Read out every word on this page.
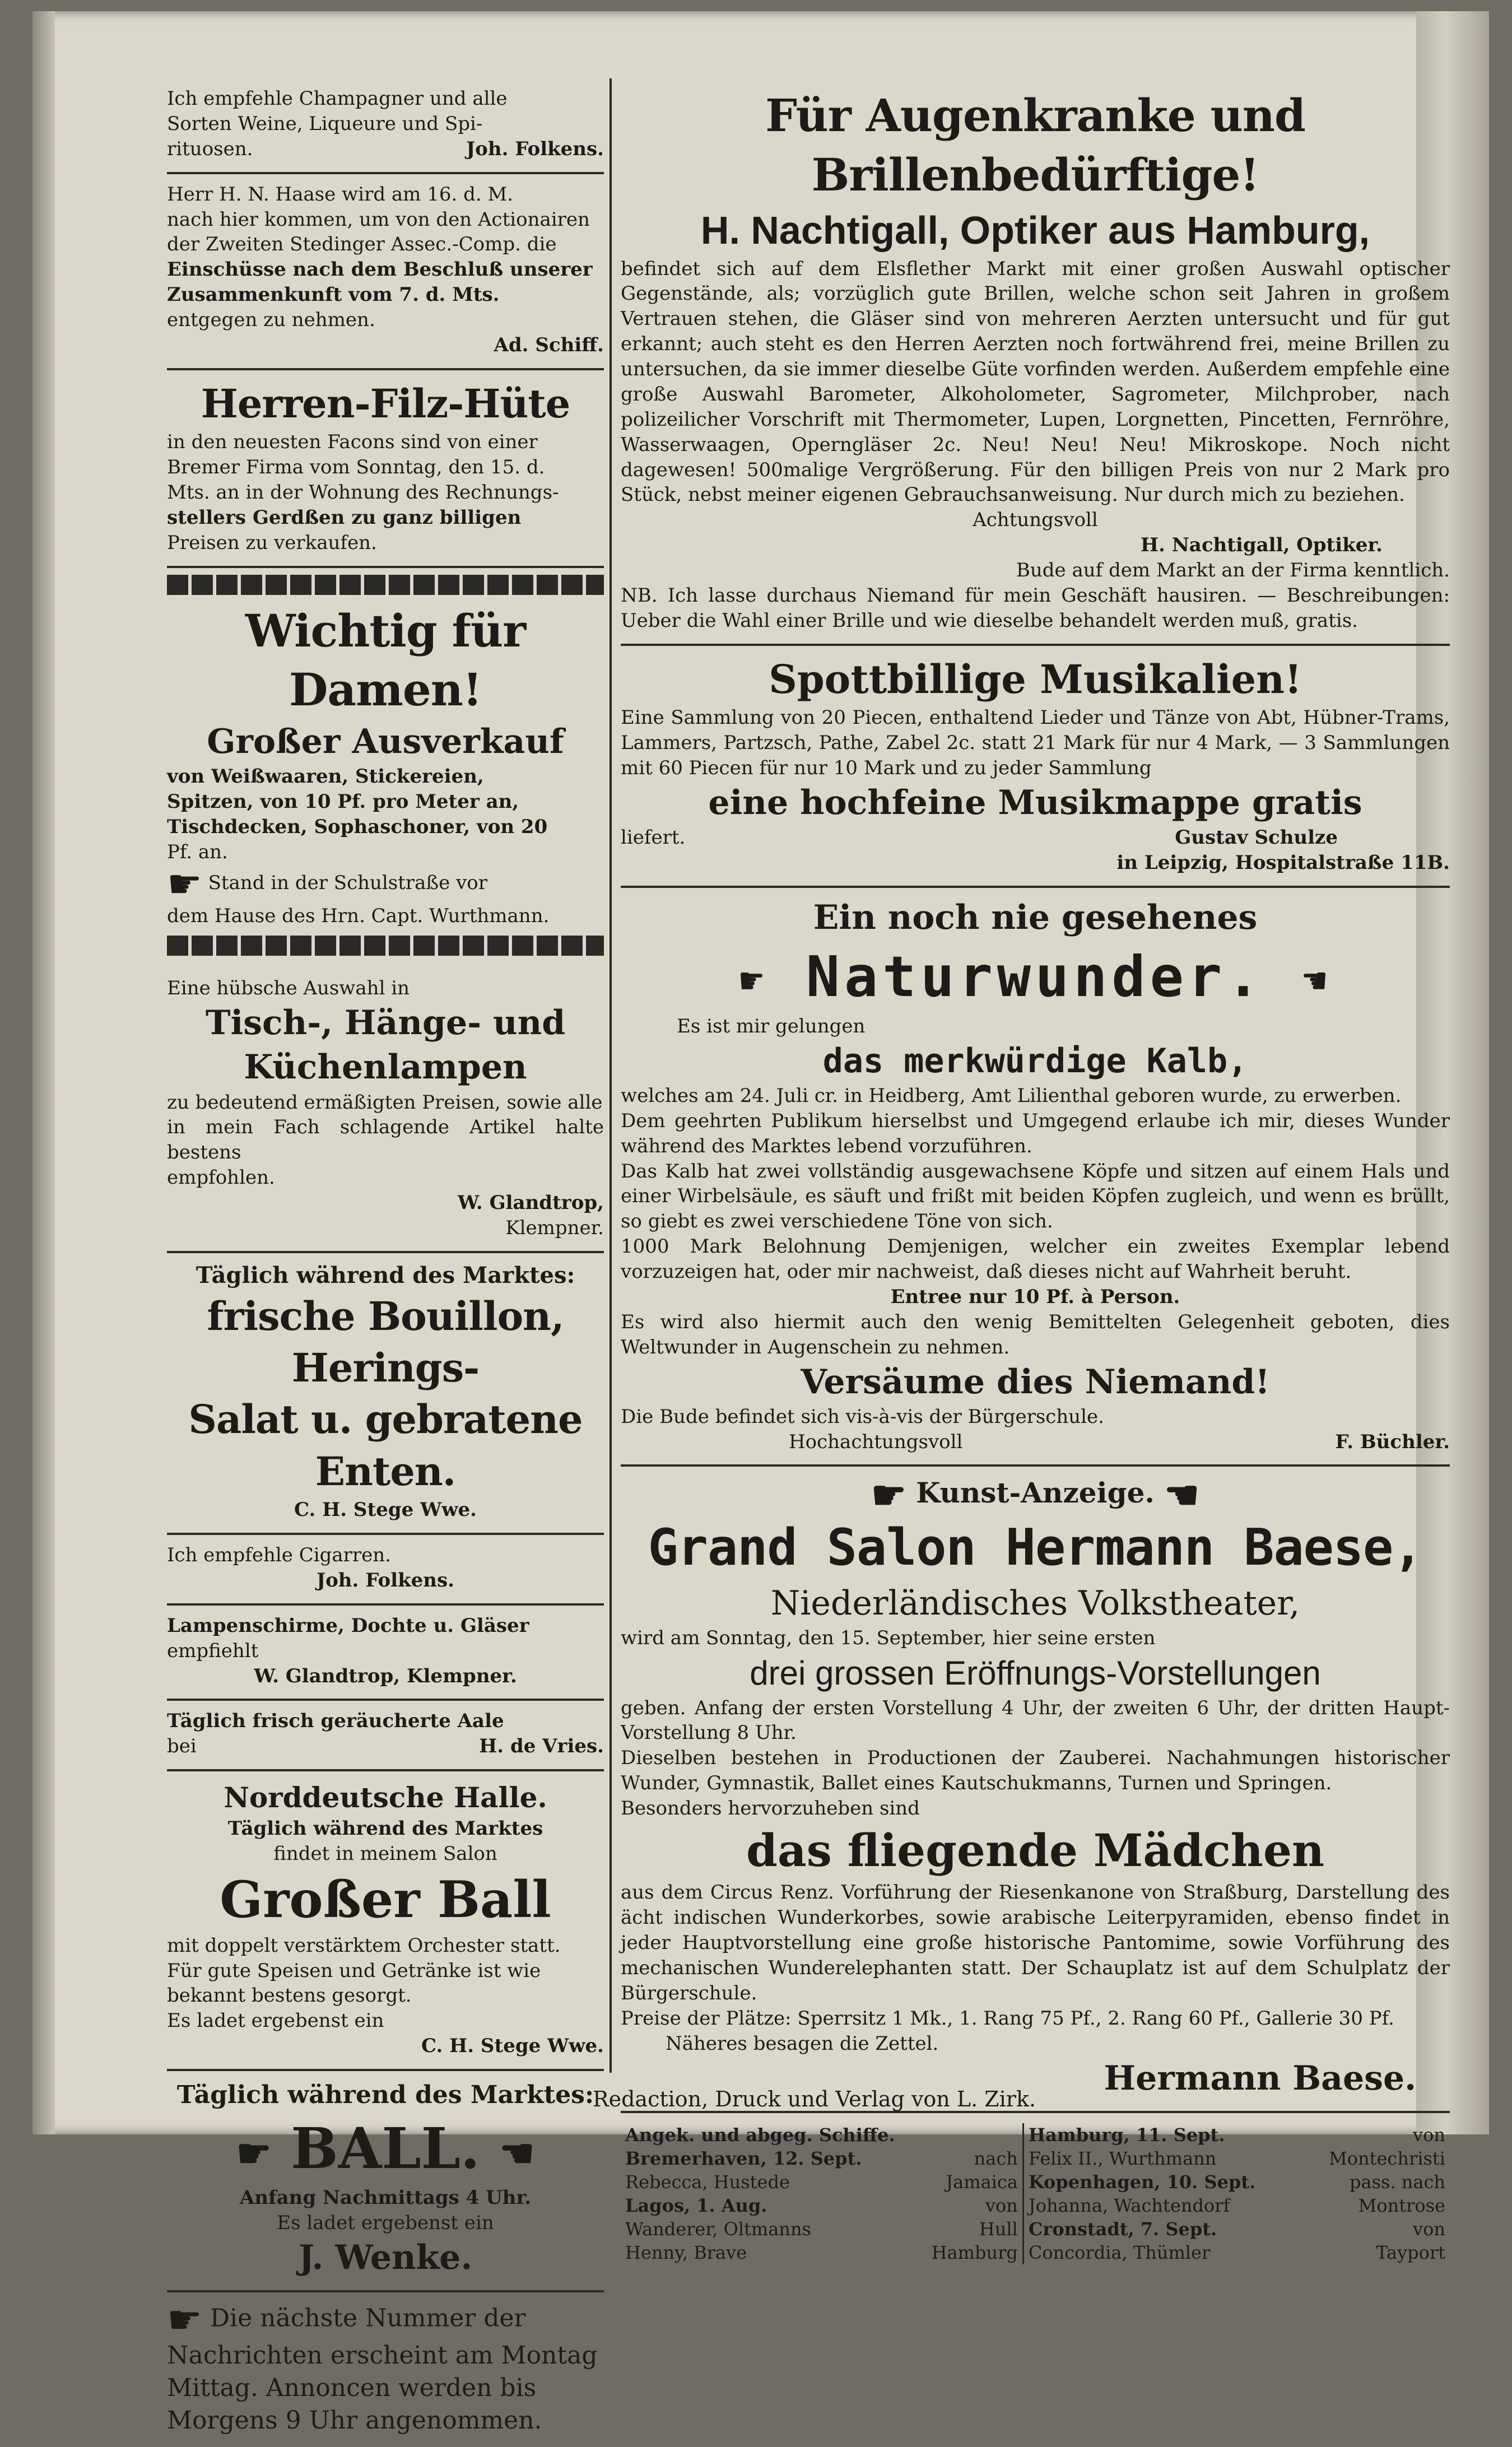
Ich empfehle Champagner und alle
Sorten Weine, Liqueure und Spi-
rituosen.	Joh. Folkens.
Herr H. N. Haase wird am 16. d. M.
nach hier kommen, um von den Actionairen
der Zweiten Stedinger Assec.-Comp. die
Einschüsse nach dem Beschluß unserer
Zusammenkunft vom 7. d. Mts.
entgegen zu nehmen.
Ad. Schiff.
Herren-Filz-Hüte
in den neuesten Facons sind von einer
Bremer Firma vom Sonntag, den 15. d.
Mts. an in der Wohnung des Rechnungs-
stellers Gerdßen zu ganz billigen
Preisen zu verkaufen.
Wichtig für Damen!
Großer Ausverkauf
von Weißwaaren, Stickereien,
Spitzen, von 10 Pf. pro Meter an,
Tischdecken, Sophaschoner, von 20
Pf. an.
☛ Stand in der Schulstraße vor
dem Hause des Hrn. Capt. Wurthmann.
Eine hübsche Auswahl in
Tisch-, Hänge- und
Küchenlampen
zu bedeutend ermäßigten Preisen, sowie alle
in mein Fach schlagende Artikel halte bestens
empfohlen.
W. Glandtrop,
Klempner.
Täglich während des Marktes:
frische Bouillon, Herings-
Salat u. gebratene Enten.
C. H. Stege Wwe.
Ich empfehle Cigarren.
Joh. Folkens.
Lampenschirme, Dochte u. Gläser
empfiehlt
W. Glandtrop, Klempner.
Täglich frisch geräucherte Aale
bei	H. de Vries.
Norddeutsche Halle.
Täglich während des Marktes
findet in meinem Salon
Großer Ball
mit doppelt verstärktem Orchester statt.
Für gute Speisen und Getränke ist wie
bekannt bestens gesorgt.
Es ladet ergebenst ein
C. H. Stege Wwe.
Täglich während des Marktes:
☛ BALL. ☚
Anfang Nachmittags 4 Uhr.
Es ladet ergebenst ein
J. Wenke.
☛ Die nächste Nummer der
Nachrichten erscheint am Montag
Mittag. Annoncen werden bis
Morgens 9 Uhr angenommen.
Für Augenkranke und Brillenbedürftige!
H. Nachtigall, Optiker aus Hamburg,
befindet sich auf dem Elsflether Markt mit einer großen Auswahl optischer Gegenstände, als; vorzüglich gute Brillen, welche schon seit Jahren in großem Vertrauen stehen, die Gläser sind von mehreren Aerzten untersucht und für gut erkannt; auch steht es den Herren Aerzten noch fortwährend frei, meine Brillen zu untersuchen, da sie immer dieselbe Güte vorfinden werden. Außerdem empfehle eine große Auswahl Barometer, Alkoholometer, Sagrometer, Milchprober, nach polizeilicher Vorschrift mit Thermometer, Lupen, Lorgnetten, Pincetten, Fernröhre, Wasserwaagen, Operngläser 2c. Neu! Neu! Neu! Mikroskope. Noch nicht dagewesen! 500malige Vergrößerung. Für den billigen Preis von nur 2 Mark pro Stück, nebst meiner eigenen Gebrauchsanweisung. Nur durch mich zu beziehen.
Achtungsvoll
H. Nachtigall, Optiker.
Bude auf dem Markt an der Firma kenntlich.
NB. Ich lasse durchaus Niemand für mein Geschäft hausiren. — Beschreibungen: Ueber die Wahl einer Brille und wie dieselbe behandelt werden muß, gratis.
Spottbillige Musikalien!
Eine Sammlung von 20 Piecen, enthaltend Lieder und Tänze von Abt, Hübner-Trams, Lammers, Partzsch, Pathe, Zabel 2c. statt 21 Mark für nur 4 Mark, — 3 Sammlungen mit 60 Piecen für nur 10 Mark und zu jeder Sammlung
eine hochfeine Musikmappe gratis
liefert.	Gustav Schulze
in Leipzig, Hospitalstraße 11B.
Ein noch nie gesehenes
☛ Naturwunder. ☚
Es ist mir gelungen
das merkwürdige Kalb,
welches am 24. Juli cr. in Heidberg, Amt Lilienthal geboren wurde, zu erwerben.
Dem geehrten Publikum hierselbst und Umgegend erlaube ich mir, dieses Wunder während des Marktes lebend vorzuführen.
Das Kalb hat zwei vollständig ausgewachsene Köpfe und sitzen auf einem Hals und einer Wirbelsäule, es säuft und frißt mit beiden Köpfen zugleich, und wenn es brüllt, so giebt es zwei verschiedene Töne von sich.
1000 Mark Belohnung Demjenigen, welcher ein zweites Exemplar lebend vorzuzeigen hat, oder mir nachweist, daß dieses nicht auf Wahrheit beruht.
Entree nur 10 Pf. à Person.
Es wird also hiermit auch den wenig Bemittelten Gelegenheit geboten, dies Weltwunder in Augenschein zu nehmen.
Versäume dies Niemand!
Die Bude befindet sich vis-à-vis der Bürgerschule.
Hochachtungsvoll	F. Büchler.
☛ Kunst-Anzeige. ☚
Grand Salon Hermann Baese,
Niederländisches Volkstheater,
wird am Sonntag, den 15. September, hier seine ersten
drei grossen Eröffnungs-Vorstellungen
geben. Anfang der ersten Vorstellung 4 Uhr, der zweiten 6 Uhr, der dritten Haupt-Vorstellung 8 Uhr.
Dieselben bestehen in Productionen der Zauberei. Nachahmungen historischer Wunder, Gymnastik, Ballet eines Kautschukmanns, Turnen und Springen.
Besonders hervorzuheben sind
das fliegende Mädchen
aus dem Circus Renz. Vorführung der Riesenkanone von Straßburg, Darstellung des ächt indischen Wunderkorbes, sowie arabische Leiterpyramiden, ebenso findet in jeder Hauptvorstellung eine große historische Pantomime, sowie Vorführung des mechanischen Wunderelephanten statt. Der Schauplatz ist auf dem Schulplatz der Bürgerschule.
Preise der Plätze: Sperrsitz 1 Mk., 1. Rang 75 Pf., 2. Rang 60 Pf., Gallerie 30 Pf.
Näheres besagen die Zettel.
Hermann Baese.
Angek. und abgeg. Schiffe.		Hamburg, 11. Sept.	von
Bremerhaven, 12. Sept.	nach	Felix II., Wurthmann	Montechristi
Rebecca, Hustede	Jamaica	Kopenhagen, 10. Sept.	pass. nach
Lagos, 1. Aug.	von	Johanna, Wachtendorf	Montrose
Wanderer, Oltmanns	Hull	Cronstadt, 7. Sept.	von
Henny, Brave	Hamburg	Concordia, Thümler	Tayport
Redaction, Druck und Verlag von L. Zirk.
